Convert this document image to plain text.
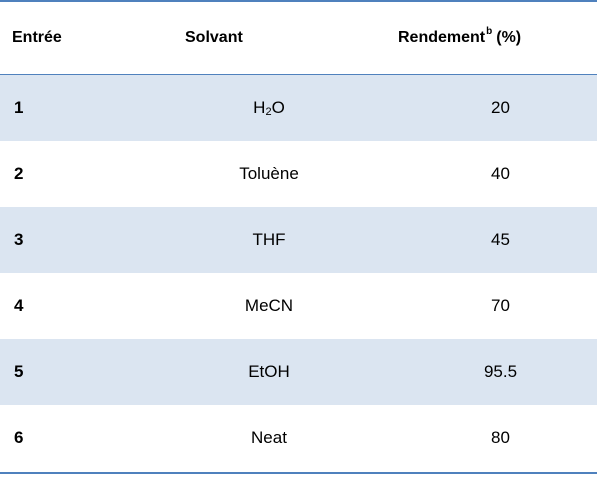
Entrée	Solvant	Rendement$^b$ (%)
1	$H_2$ O	20
2	Toluène	40
3	THF	45
4	MeCN	70
5	EtOH	95.5
6	Neat	80
